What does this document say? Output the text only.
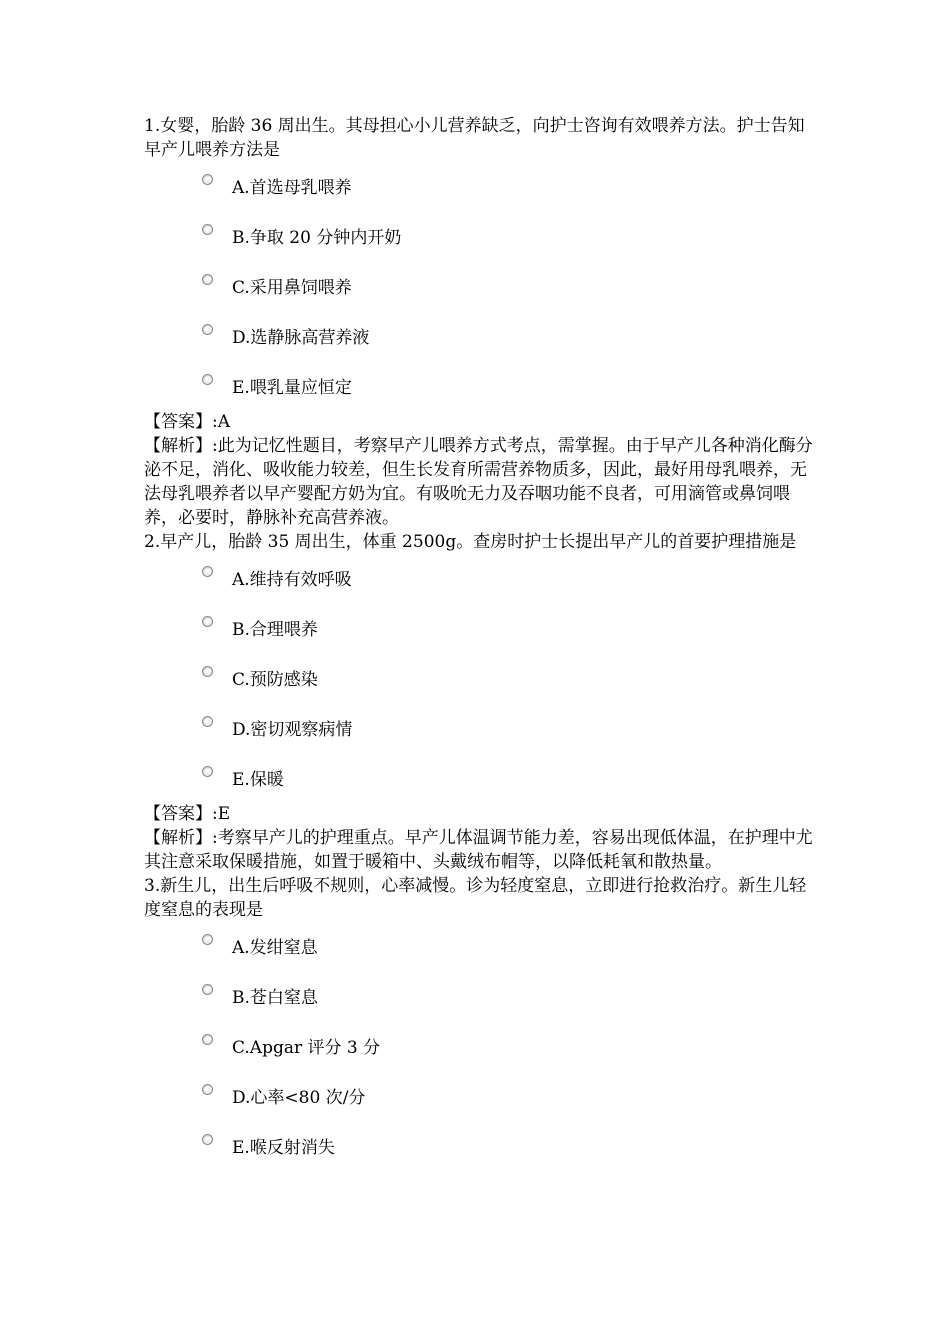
1.女婴，胎龄 36 周出生。其母担心小儿营养缺乏，向护士咨询有效喂养方法。护士告知早产儿喂养方法是

A.首选母乳喂养
B.争取 20 分钟内开奶
C.采用鼻饲喂养
D.选静脉高营养液
E.喂乳量应恒定

【答案】:A

【解析】:此为记忆性题目，考察早产儿喂养方式考点，需掌握。由于早产儿各种消化酶分泌不足，消化、吸收能力较差，但生长发育所需营养物质多，因此，最好用母乳喂养，无法母乳喂养者以早产婴配方奶为宜。有吸吮无力及吞咽功能不良者，可用滴管或鼻饲喂养，必要时，静脉补充高营养液。

2.早产儿，胎龄 35 周出生，体重 2500g。查房时护士长提出早产儿的首要护理措施是

A.维持有效呼吸
B.合理喂养
C.预防感染
D.密切观察病情
E.保暖

【答案】:E

【解析】:考察早产儿的护理重点。早产儿体温调节能力差，容易出现低体温，在护理中尤其注意采取保暖措施，如置于暖箱中、头戴绒布帽等，以降低耗氧和散热量。

3.新生儿，出生后呼吸不规则，心率减慢。诊为轻度窒息，立即进行抢救治疗。新生儿轻度窒息的表现是

A.发绀窒息
B.苍白窒息
C.Apgar 评分 3 分
D.心率<80 次/分
E.喉反射消失
